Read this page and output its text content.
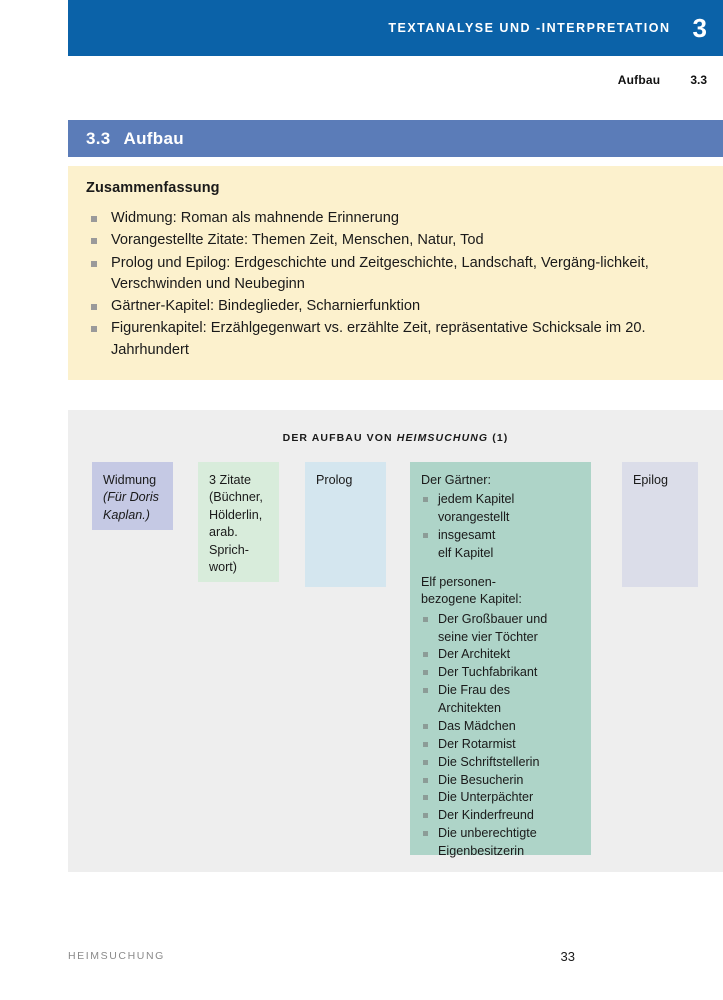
TEXTANALYSE UND -INTERPRETATION 3
Aufbau	3.3
3.3 Aufbau
Zusammenfassung
Widmung: Roman als mahnende Erinnerung
Vorangestellte Zitate: Themen Zeit, Menschen, Natur, Tod
Prolog und Epilog: Erdgeschichte und Zeitgeschichte, Landschaft, Vergäng-lichkeit, Verschwinden und Neubeginn
Gärtner-Kapitel: Bindeglieder, Scharnierfunktion
Figurenkapitel: Erzählgegenwart vs. erzählte Zeit, repräsentative Schicksale im 20. Jahrhundert
DER AUFBAU VON HEIMSUCHUNG (1)
Widmung
(Für Doris
Kaplan.)
3 Zitate
(Büchner,
Hölderlin,
arab.
Sprich-
wort)
Prolog	Der Gärtner:
jedem Kapitel
vorangestellt
insgesamt
elf Kapitel
Elf personen-
bezogene Kapitel:
Der Großbauer und
seine vier Töchter
Der Architekt
Der Tuchfabrikant
Die Frau des
Architekten
Das Mädchen
Der Rotarmist
Die Schriftstellerin
Die Besucherin
Die Unterpächter
Der Kinderfreund
Die unberechtigte
Eigenbesitzerin
Epilog
HEIMSUCHUNG	33
